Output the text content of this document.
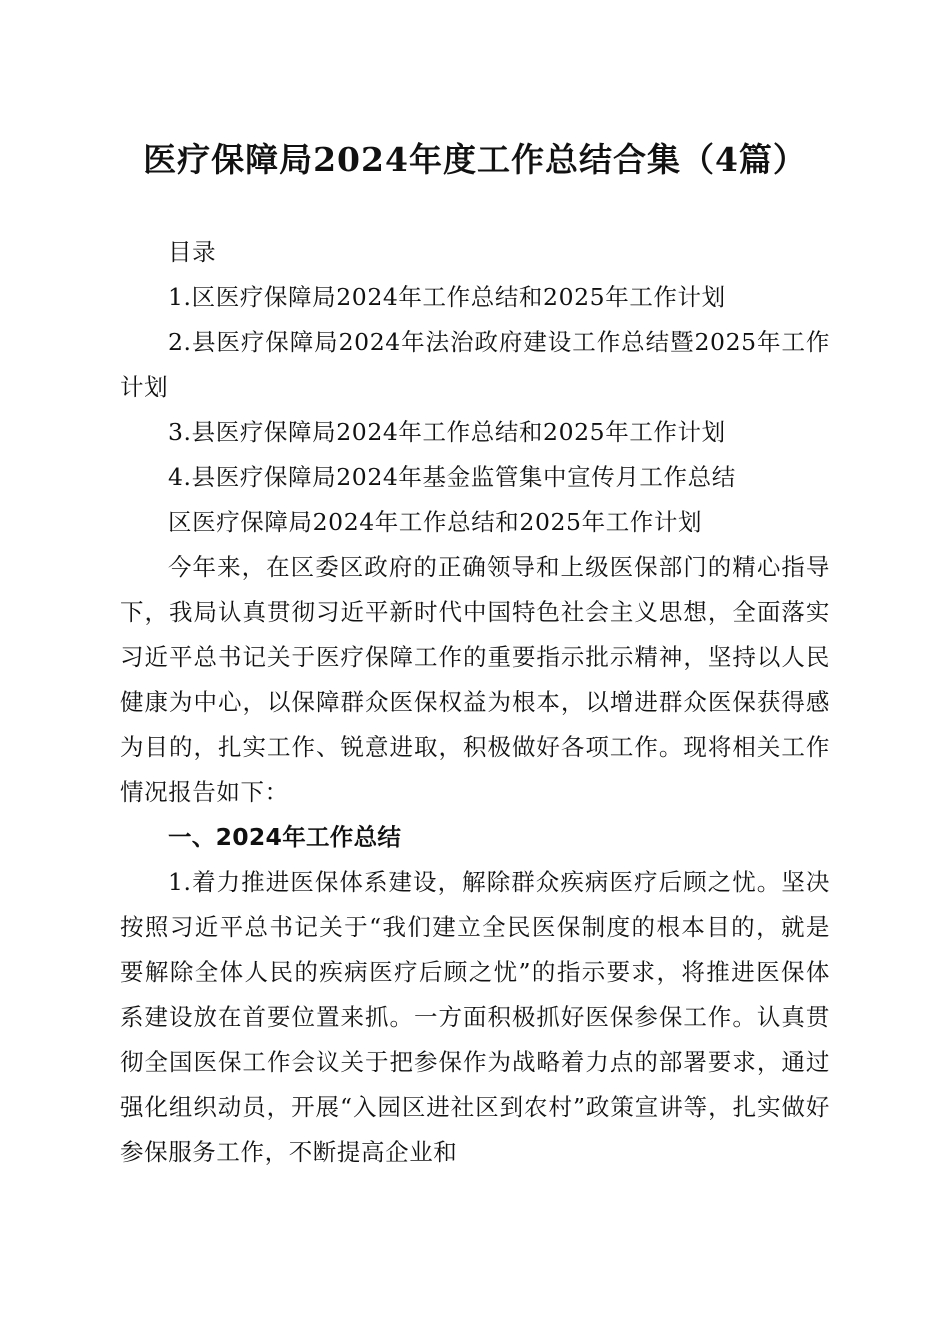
医疗保障局2024年度工作总结合集（4篇）

目录

1.区医疗保障局2024年工作总结和2025年工作计划

2.县医疗保障局2024年法治政府建设工作总结暨2025年工作计划

3.县医疗保障局2024年工作总结和2025年工作计划

4.县医疗保障局2024年基金监管集中宣传月工作总结

区医疗保障局2024年工作总结和2025年工作计划

今年来，在区委区政府的正确领导和上级医保部门的精心指导下，我局认真贯彻习近平新时代中国特色社会主义思想，全面落实习近平总书记关于医疗保障工作的重要指示批示精神，坚持以人民健康为中心，以保障群众医保权益为根本，以增进群众医保获得感为目的，扎实工作、锐意进取，积极做好各项工作。现将相关工作情况报告如下：

一、2024年工作总结

1.着力推进医保体系建设，解除群众疾病医疗后顾之忧。坚决按照习近平总书记关于“我们建立全民医保制度的根本目的，就是要解除全体人民的疾病医疗后顾之忧”的指示要求，将推进医保体系建设放在首要位置来抓。一方面积极抓好医保参保工作。认真贯彻全国医保工作会议关于把参保作为战略着力点的部署要求，通过强化组织动员，开展“入园区进社区到农村”政策宣讲等，扎实做好参保服务工作，不断提高企业和
